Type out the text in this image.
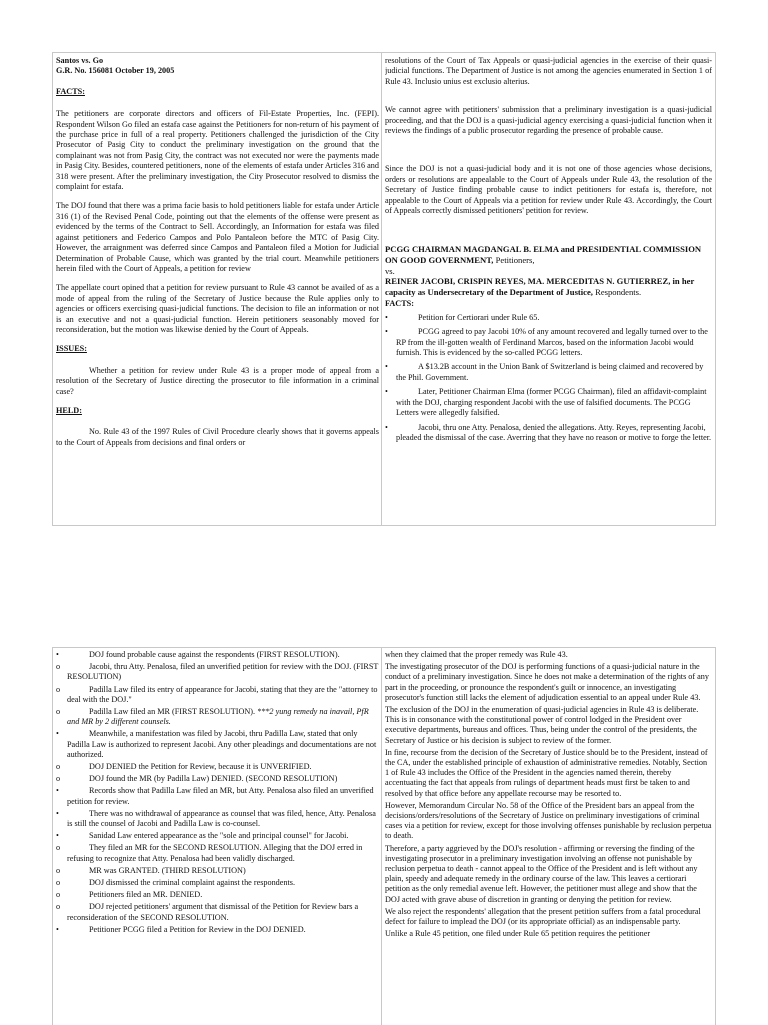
Santos vs. Go
G.R. No. 156081 October 19, 2005

FACTS:

The petitioners are corporate directors and officers of Fil-Estate Properties, Inc. (FEPI). Respondent Wilson Go filed an estafa case against the Petitioners for non-return of his payment of the purchase price in full of a real property. Petitioners challenged the jurisdiction of the City Prosecutor of Pasig City to conduct the preliminary investigation on the ground that the complainant was not from Pasig City, the contract was not executed nor were the payments made in Pasig City. Besides, countered petitioners, none of the elements of estafa under Articles 316 and 318 were present. After the preliminary investigation, the City Prosecutor resolved to dismiss the complaint for estafa.

The DOJ found that there was a prima facie basis to hold petitioners liable for estafa under Article 316 (1) of the Revised Penal Code, pointing out that the elements of the offense were present as evidenced by the terms of the Contract to Sell. Accordingly, an Information for estafa was filed against petitioners and Federico Campos and Polo Pantaleon before the MTC of Pasig City. However, the arraignment was deferred since Campos and Pantaleon filed a Motion for Judicial Determination of Probable Cause, which was granted by the trial court. Meanwhile petitioners herein filed with the Court of Appeals, a petition for review

The appellate court opined that a petition for review pursuant to Rule 43 cannot be availed of as a mode of appeal from the ruling of the Secretary of Justice because the Rule applies only to agencies or officers exercising quasi-judicial functions. The decision to file an information or not is an executive and not a quasi-judicial function. Herein petitioners seasonably moved for reconsideration, but the motion was likewise denied by the Court of Appeals.

ISSUES:

Whether a petition for review under Rule 43 is a proper mode of appeal from a resolution of the Secretary of Justice directing the prosecutor to file information in a criminal case?

HELD:

No. Rule 43 of the 1997 Rules of Civil Procedure clearly shows that it governs appeals to the Court of Appeals from decisions and final orders or

resolutions of the Court of Tax Appeals or quasi-judicial agencies in the exercise of their quasi-judicial functions. The Department of Justice is not among the agencies enumerated in Section 1 of Rule 43. Inclusio unius est exclusio alterius.

We cannot agree with petitioners' submission that a preliminary investigation is a quasi-judicial proceeding, and that the DOJ is a quasi-judicial agency exercising a quasi-judicial function when it reviews the findings of a public prosecutor regarding the presence of probable cause.

Since the DOJ is not a quasi-judicial body and it is not one of those agencies whose decisions, orders or resolutions are appealable to the Court of Appeals under Rule 43, the resolution of the Secretary of Justice finding probable cause to indict petitioners for estafa is, therefore, not appealable to the Court of Appeals via a petition for review under Rule 43. Accordingly, the Court of Appeals correctly dismissed petitioners' petition for review.

PCGG CHAIRMAN MAGDANGAL B. ELMA and PRESIDENTIAL COMMISSION ON GOOD GOVERNMENT, Petitioners,
vs.
REINER JACOBI, CRISPIN REYES, MA. MERCEDITAS N. GUTIERREZ, in her capacity as Undersecretary of the Department of Justice, Respondents.
FACTS:
•	Petition for Certiorari under Rule 65.
•	PCGG agreed to pay Jacobi 10% of any amount recovered and legally turned over to the RP from the ill-gotten wealth of Ferdinand Marcos, based on the information Jacobi would furnish. This is evidenced by the so-called PCGG letters.
•	A $13.2B account in the Union Bank of Switzerland is being claimed and recovered by the Phil. Government.
•	Later, Petitioner Chairman Elma (former PCGG Chairman), filed an affidavit-complaint with the DOJ, charging respondent Jacobi with the use of falsified documents. The PCGG Letters were allegedly falsified.
•	Jacobi, thru one Atty. Penalosa, denied the allegations. Atty. Reyes, representing Jacobi, pleaded the dismissal of the case. Averring that they have no reason or motive to forge the letter.
•	DOJ found probable cause against the respondents (FIRST RESOLUTION).
o	Jacobi, thru Atty. Penalosa, filed an unverified petition for review with the DOJ. (FIRST RESOLUTION)
o	Padilla Law filed its entry of appearance for Jacobi, stating that they are the "attorney to deal with the DOJ."
o	Padilla Law filed an MR (FIRST RESOLUTION). ***2 yung remedy na inavail, PfR and MR by 2 different counsels.
•	Meanwhile, a manifestation was filed by Jacobi, thru Padilla Law, stated that only Padilla Law is authorized to represent Jacobi. Any other pleadings and documentations are not authorized.
o	DOJ DENIED the Petition for Review, because it is UNVERIFIED.
o	DOJ found the MR (by Padilla Law) DENIED. (SECOND RESOLUTION)
•	Records show that Padilla Law filed an MR, but Atty. Penalosa also filed an unverified petition for review.
•	There was no withdrawal of appearance as counsel that was filed, hence, Atty. Penalosa is still the counsel of Jacobi and Padilla Law is co-counsel.
•	Sanidad Law entered appearance as the "sole and principal counsel" for Jacobi.
o	They filed an MR for the SECOND RESOLUTION. Alleging that the DOJ erred in refusing to recognize that Atty. Penalosa had been validly discharged.
o	MR was GRANTED. (THIRD RESOLUTION)
o	DOJ dismissed the criminal complaint against the respondents.
o	Petitioners filed an MR. DENIED.
o	DOJ rejected petitioners' argument that dismissal of the Petition for Review bars a reconsideration of the SECOND RESOLUTION.
•	Petitioner PCGG filed a Petition for Review in the DOJ DENIED.

when they claimed that the proper remedy was Rule 43.

The investigating prosecutor of the DOJ is performing functions of a quasi-judicial nature in the conduct of a preliminary investigation. Since he does not make a determination of the rights of any part in the proceeding, or pronounce the respondent's guilt or innocence, an investigating prosecutor's function still lacks the element of adjudication essential to an appeal under Rule 43.

The exclusion of the DOJ in the enumeration of quasi-judicial agencies in Rule 43 is deliberate. This is in consonance with the constitutional power of control lodged in the President over executive departments, bureaus and offices. Thus, being under the control of the presidents, the Secretary of Justice or his decision is subject to review of the former.

In fine, recourse from the decision of the Secretary of Justice should be to the President, instead of the CA, under the established principle of exhaustion of administrative remedies. Notably, Section 1 of Rule 43 includes the Office of the President in the agencies named therein, thereby accentuating the fact that appeals from rulings of department heads must first be taken to and resolved by that office before any appellate recourse may be resorted to.

However, Memorandum Circular No. 58 of the Office of the President bars an appeal from the decisions/orders/resolutions of the Secretary of Justice on preliminary investigations of criminal cases via a petition for review, except for those involving offenses punishable by reclusion perpetua to death.

Therefore, a party aggrieved by the DOJ's resolution - affirming or reversing the finding of the investigating prosecutor in a preliminary investigation involving an offense not punishable by reclusion perpetua to death - cannot appeal to the Office of the President and is left without any plain, speedy and adequate remedy in the ordinary course of the law. This leaves a certiorari petition as the only remedial avenue left. However, the petitioner must allege and show that the DOJ acted with grave abuse of discretion in granting or denying the petition for review.

We also reject the respondents' allegation that the present petition suffers from a fatal procedural defect for failure to implead the DOJ (or its appropriate official) as an indispensable party.

Unlike a Rule 45 petition, one filed under Rule 65 petition requires the petitioner
